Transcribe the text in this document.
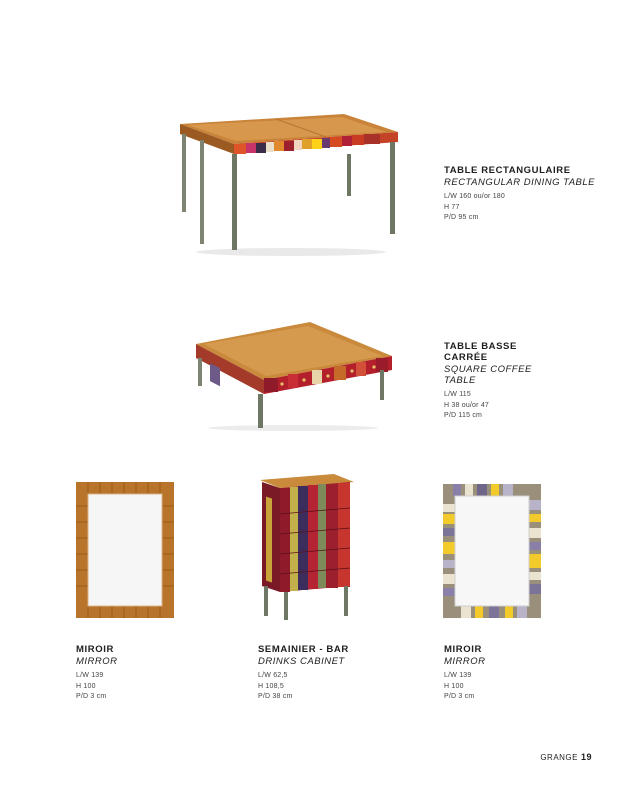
TABLE RECTANGULAIRE
RECTANGULAR DINING TABLE
L/W 160 ou/or 180
H 77
P/D 95 cm
TABLE BASSE CARRÉE
SQUARE COFFEE TABLE
L/W 115
H 38 ou/or 47
P/D 115 cm
MIROIR
MIRROR
L/W 139
H 100
P/D 3 cm
SEMAINIER - BAR
DRINKS CABINET
L/W 62,5
H 108,5
P/D 38 cm
MIROIR
MIRROR
L/W 139
H 100
P/D 3 cm
GRANGE 19
